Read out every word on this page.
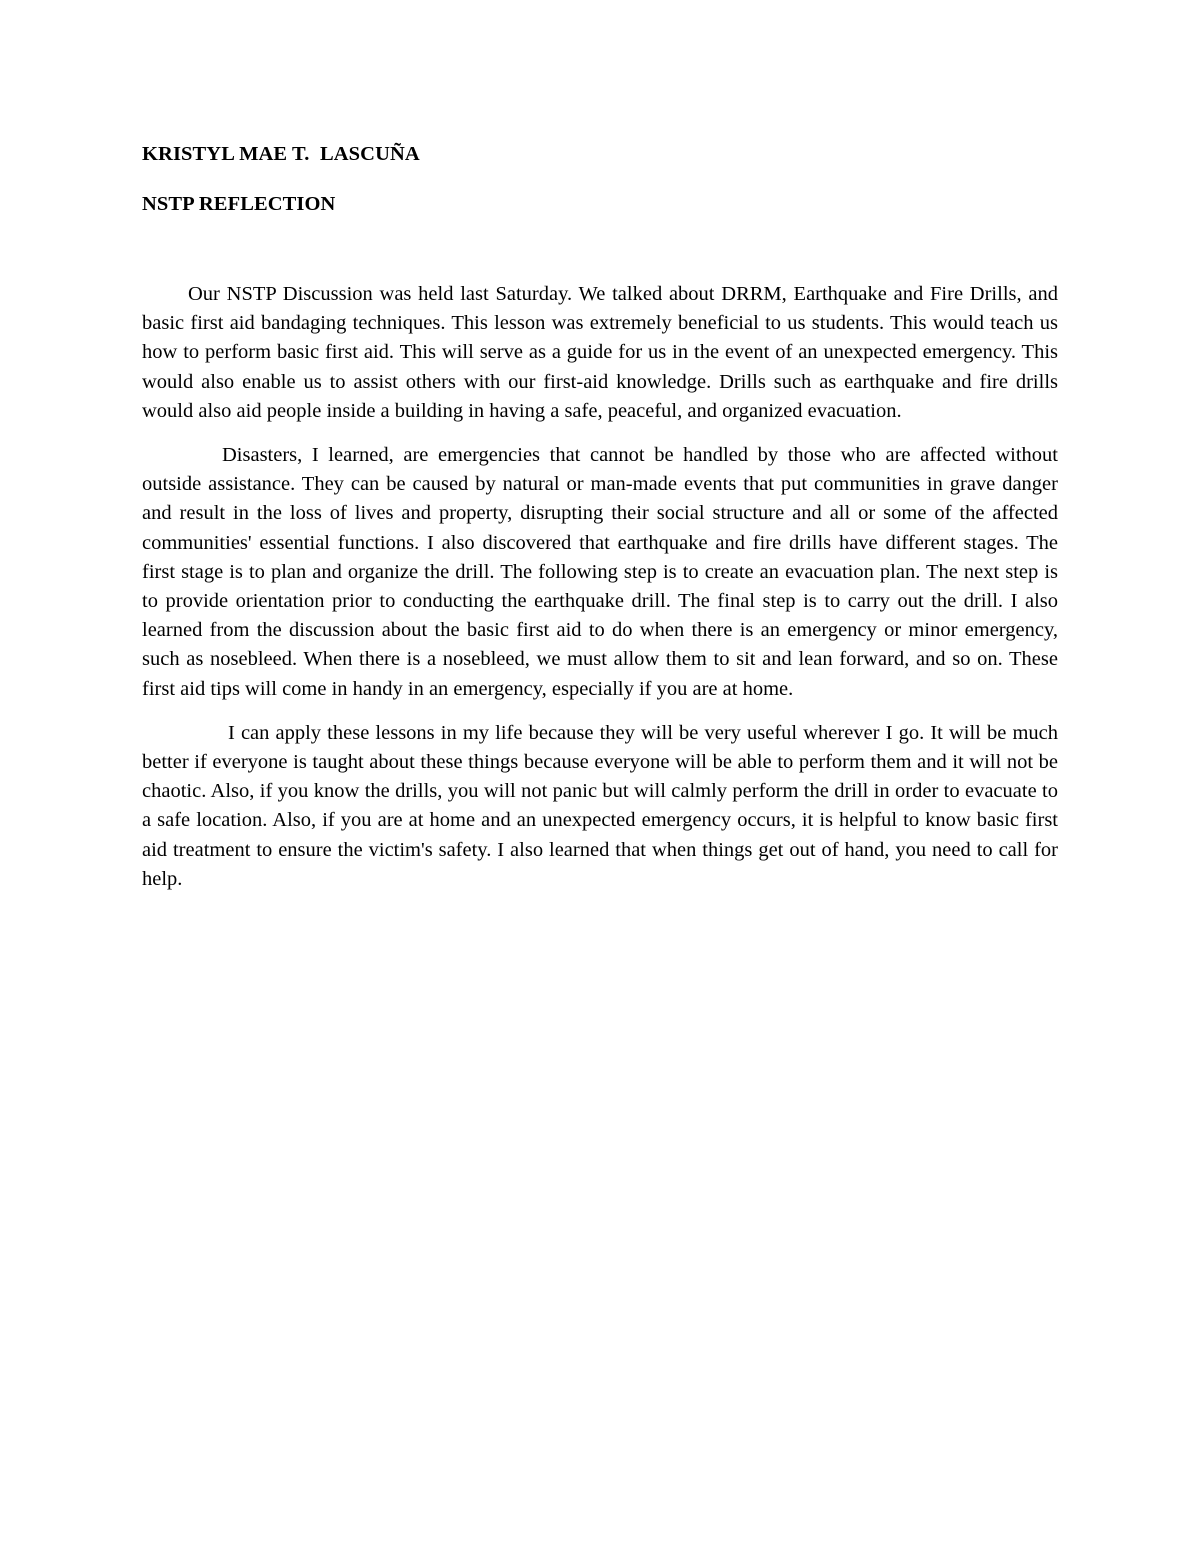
KRISTYL MAE T.  LASCUÑA

NSTP REFLECTION

Our NSTP Discussion was held last Saturday. We talked about DRRM, Earthquake and Fire Drills, and basic first aid bandaging techniques. This lesson was extremely beneficial to us students. This would teach us how to perform basic first aid. This will serve as a guide for us in the event of an unexpected emergency. This would also enable us to assist others with our first-aid knowledge. Drills such as earthquake and fire drills would also aid people inside a building in having a safe, peaceful, and organized evacuation.

Disasters, I learned, are emergencies that cannot be handled by those who are affected without outside assistance. They can be caused by natural or man-made events that put communities in grave danger and result in the loss of lives and property, disrupting their social structure and all or some of the affected communities' essential functions. I also discovered that earthquake and fire drills have different stages. The first stage is to plan and organize the drill. The following step is to create an evacuation plan. The next step is to provide orientation prior to conducting the earthquake drill. The final step is to carry out the drill. I also learned from the discussion about the basic first aid to do when there is an emergency or minor emergency, such as nosebleed. When there is a nosebleed, we must allow them to sit and lean forward, and so on. These first aid tips will come in handy in an emergency, especially if you are at home.

I can apply these lessons in my life because they will be very useful wherever I go. It will be much better if everyone is taught about these things because everyone will be able to perform them and it will not be chaotic. Also, if you know the drills, you will not panic but will calmly perform the drill in order to evacuate to a safe location. Also, if you are at home and an unexpected emergency occurs, it is helpful to know basic first aid treatment to ensure the victim's safety. I also learned that when things get out of hand, you need to call for help.
